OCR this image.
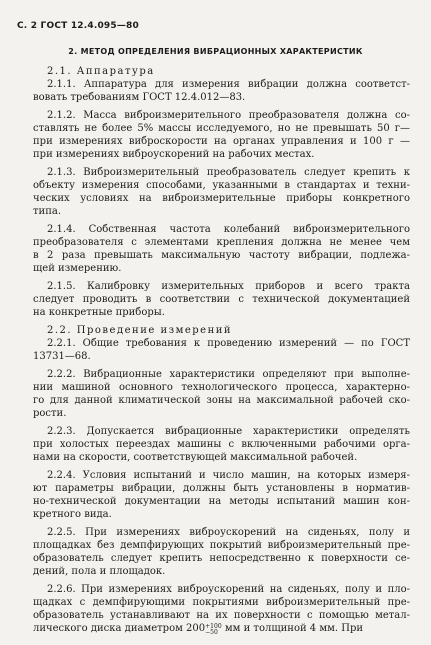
С. 2 ГОСТ 12.4.095—80
2. МЕТОД ОПРЕДЕЛЕНИЯ ВИБРАЦИОННЫХ ХАРАКТЕРИСТИК
2.1. Аппаратура
2.1.1. Аппаратура для измерения вибрации должна соответст-
вовать требованиям ГОСТ 12.4.012—83.
2.1.2. Масса виброизмерительного преобразователя должна со-
ставлять не более 5% массы исследуемого, но не превышать 50 г—
при измерениях виброскорости на органах управления и 100 г —
при измерениях виброускорений на рабочих местах.
2.1.3. Виброизмерительный преобразователь следует крепить к
объекту измерения способами, указанными в стандартах и техни-
ческих условиях на виброизмерительные приборы конкретного
типа.
2.1.4. Собственная частота колебаний виброизмерительного
преобразователя с элементами крепления должна не менее чем
в 2 раза превышать максимальную частоту вибрации, подлежа-
щей измерению.
2.1.5. Калибровку измерительных приборов и всего тракта
следует проводить в соответствии с технической документацией
на конкретные приборы.
2.2. Проведение измерений
2.2.1. Общие требования к проведению измерений — по ГОСТ
13731—68.
2.2.2. Вибрационные характеристики определяют при выполне-
нии машиной основного технологического процесса, характерно-
го для данной климатической зоны на максимальной рабочей ско-
рости.
2.2.3. Допускается вибрационные характеристики определять
при холостых переездах машины с включенными рабочими орга-
нами на скорости, соответствующей максимальной рабочей.
2.2.4. Условия испытаний и число машин, на которых измеря-
ют параметры вибрации, должны быть установлены в норматив-
но-технической документации на методы испытаний машин кон-
кретного вида.
2.2.5. При измерениях виброускорений на сиденьях, полу и
площадках без демпфирующих покрытий виброизмерительный пре-
образователь следует крепить непосредственно к поверхности се-
дений, пола и площадок.
2.2.6. При измерениях виброускорений на сиденьях, полу и пло-
щадках с демпфирующими покрытиями виброизмерительный пре-
образователь устанавливают на их поверхности с помощью метал-
лического диска диаметром 200 +100
−50 мм и толщиной 4 мм. При
